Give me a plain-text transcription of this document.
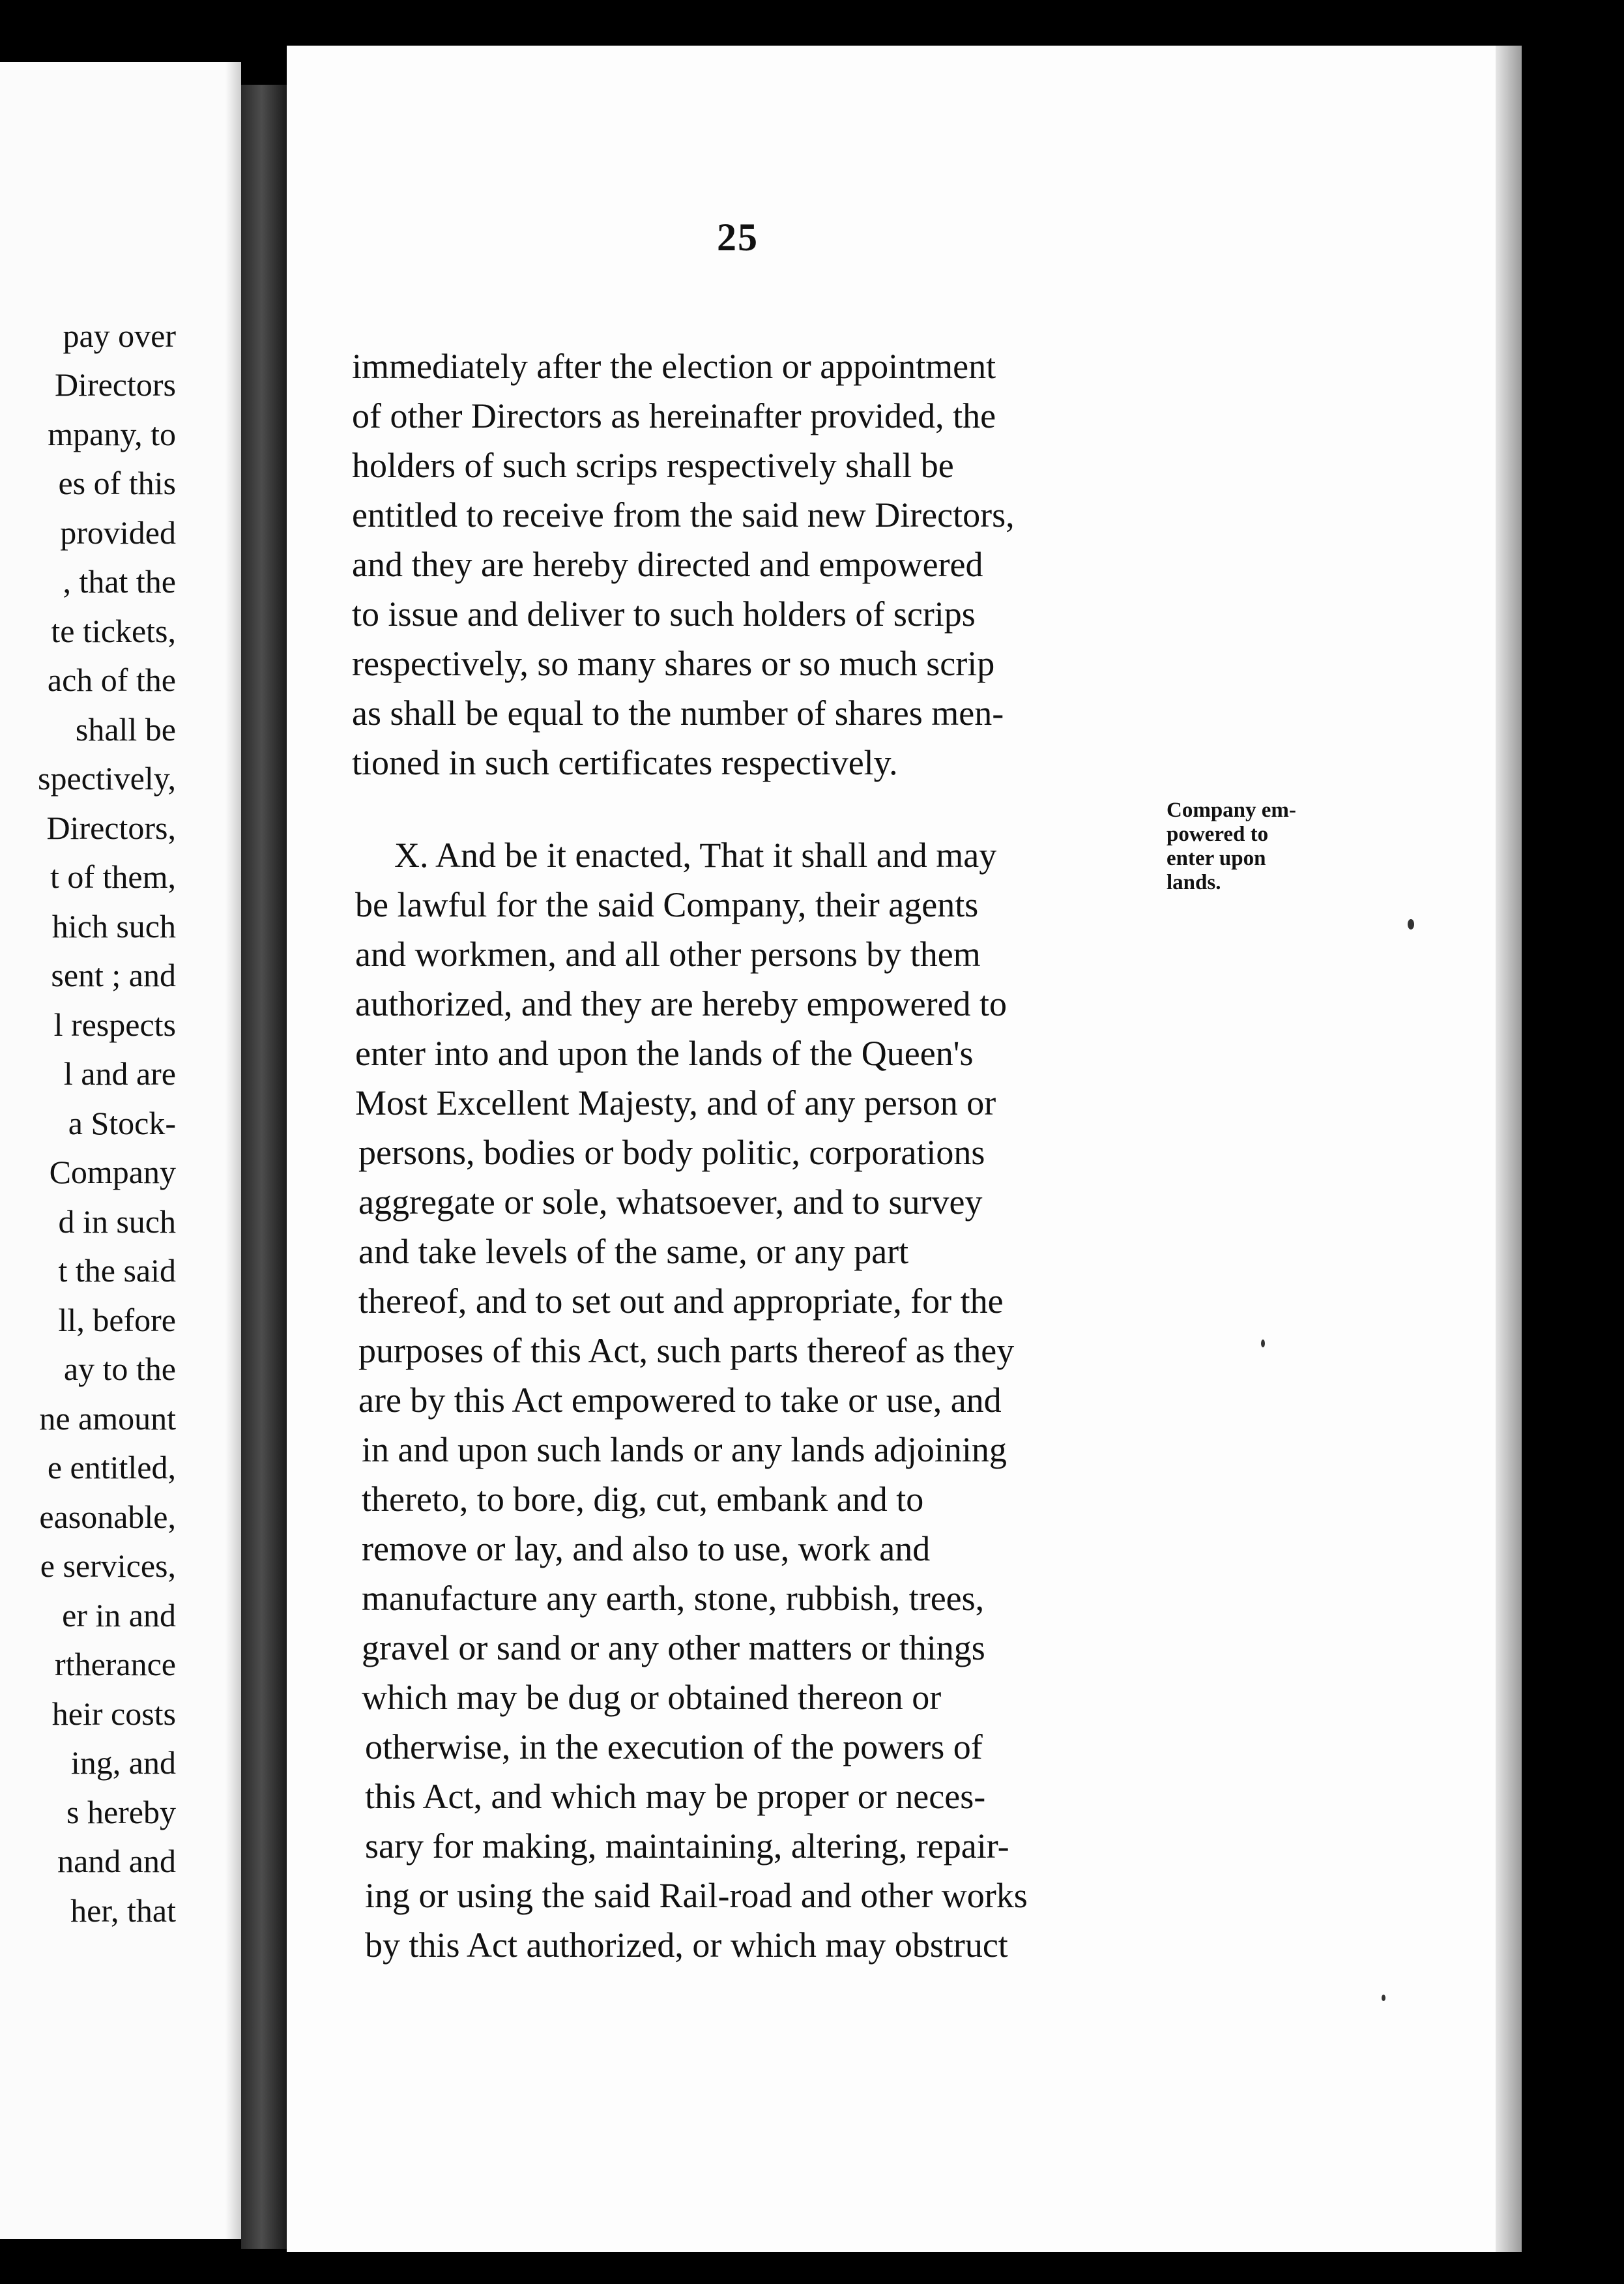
pay over
Directors
mpany, to
es of this
provided
, that the
te tickets,
ach of the
shall be
spectively,
Directors,
t of them,
hich such
sent ; and
l respects
l and are
a Stock-
Company
d in such
t the said
ll, before
ay to the
ne amount
e entitled,
easonable,
e services,
er in and
rtherance
heir costs
ing, and
s hereby
nand and
her, that
25
immediately after the election or appointment
of other Directors as hereinafter provided, the
holders of such scrips respectively shall be
entitled to receive from the said new Directors,
and they are hereby directed and empowered
to issue and deliver to such holders of scrips
respectively, so many shares or so much scrip
as shall be equal to the number of shares men-
tioned in such certificates respectively.
X. And be it enacted, That it shall and may
be lawful for the said Company, their agents
and workmen, and all other persons by them
authorized, and they are hereby empowered to
enter into and upon the lands of the Queen's
Most Excellent Majesty, and of any person or
persons, bodies or body politic, corporations
aggregate or sole, whatsoever, and to survey
and take levels of the same, or any part
thereof, and to set out and appropriate, for the
purposes of this Act, such parts thereof as they
are by this Act empowered to take or use, and
in and upon such lands or any lands adjoining
thereto, to bore, dig, cut, embank and to
remove or lay, and also to use, work and
manufacture any earth, stone, rubbish, trees,
gravel or sand or any other matters or things
which may be dug or obtained thereon or
otherwise, in the execution of the powers of
this Act, and which may be proper or neces-
sary for making, maintaining, altering, repair-
ing or using the said Rail-road and other works
by this Act authorized, or which may obstruct
Company em-
powered to
enter upon
lands.
